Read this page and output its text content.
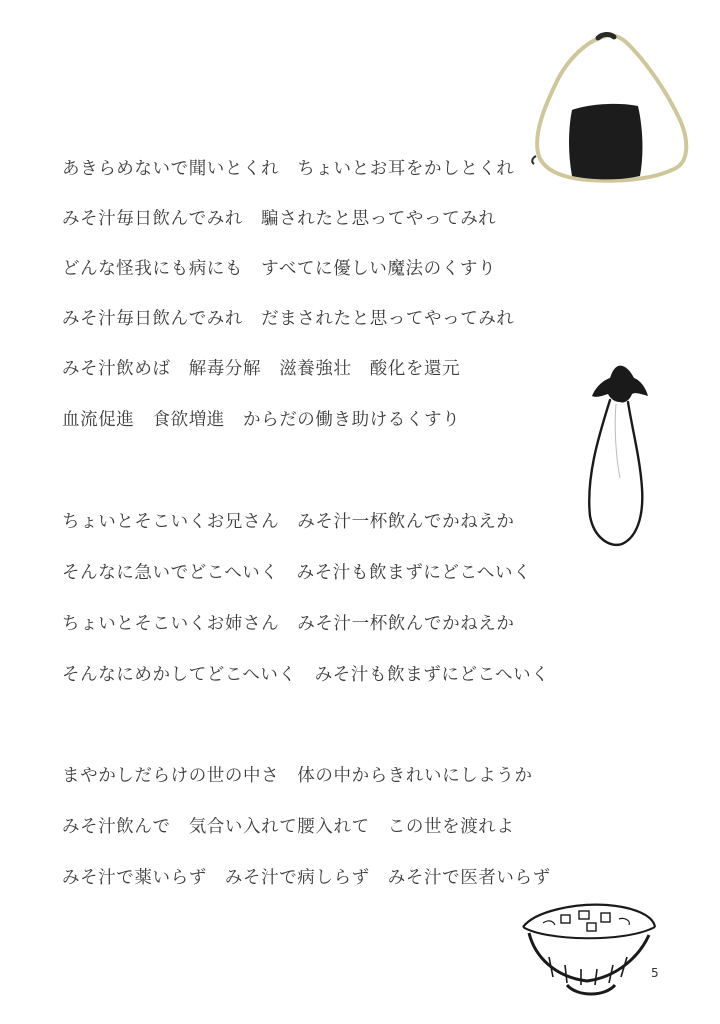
あきらめないで聞いとくれ　ちょいとお耳をかしとくれ
みそ汁毎日飲んでみれ　騙されたと思ってやってみれ
どんな怪我にも病にも　すべてに優しい魔法のくすり
みそ汁毎日飲んでみれ　だまされたと思ってやってみれ
みそ汁飲めば　解毒分解　滋養強壮　酸化を還元
血流促進　食欲増進　からだの働き助けるくすり
ちょいとそこいくお兄さん　みそ汁一杯飲んでかねえか
そんなに急いでどこへいく　みそ汁も飲まずにどこへいく
ちょいとそこいくお姉さん　みそ汁一杯飲んでかねえか
そんなにめかしてどこへいく　みそ汁も飲まずにどこへいく
まやかしだらけの世の中さ　体の中からきれいにしようか
みそ汁飲んで　気合い入れて腰入れて　この世を渡れよ
みそ汁で薬いらず　みそ汁で病しらず　みそ汁で医者いらず
5
